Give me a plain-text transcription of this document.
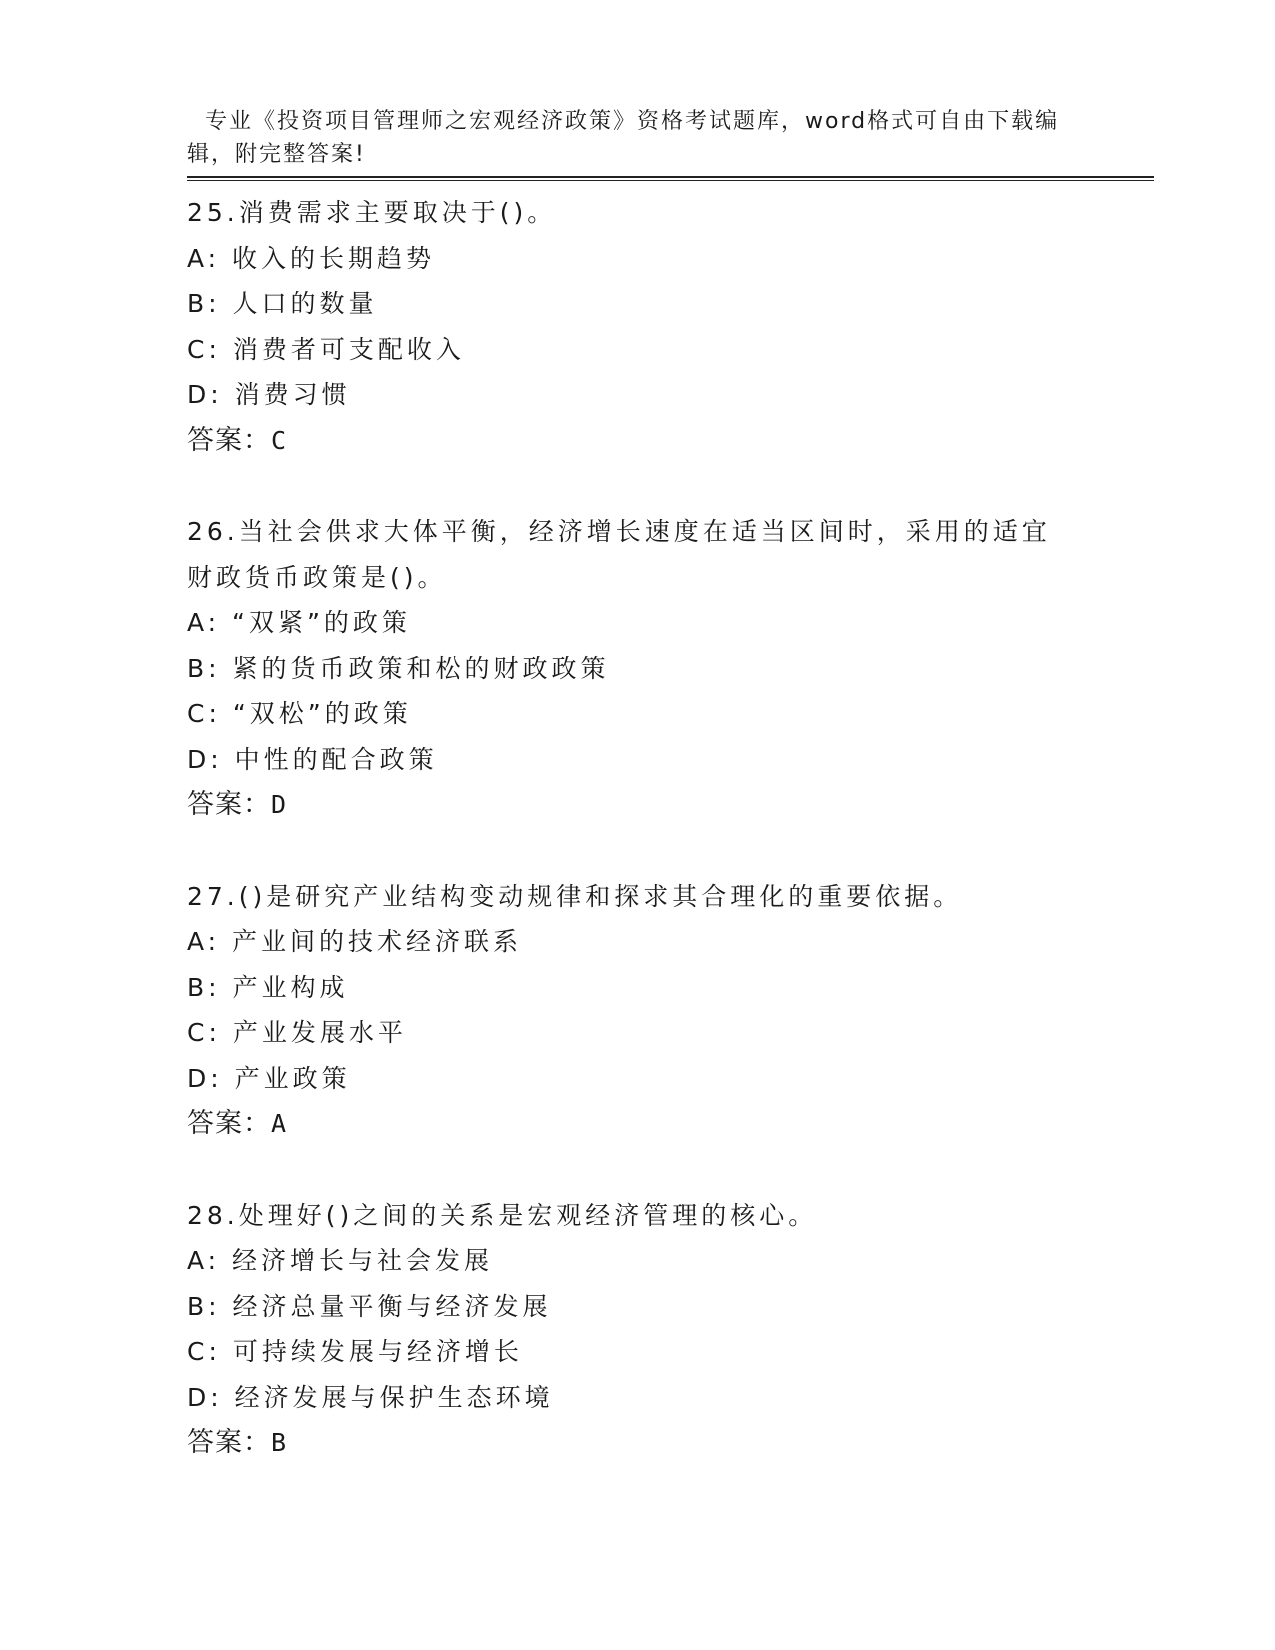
专业《投资项目管理师之宏观经济政策》资格考试题库，word格式可自由下载编辑，附完整答案!

25.消费需求主要取决于()。
A: 收入的长期趋势
B: 人口的数量
C: 消费者可支配收入
D: 消费习惯
答案：C
26.当社会供求大体平衡，经济增长速度在适当区间时，采用的适宜财政货币政策是()。
A: “双紧”的政策
B: 紧的货币政策和松的财政政策
C: “双松”的政策
D: 中性的配合政策
答案：D
27.()是研究产业结构变动规律和探求其合理化的重要依据。
A: 产业间的技术经济联系
B: 产业构成
C: 产业发展水平
D: 产业政策
答案：A
28.处理好()之间的关系是宏观经济管理的核心。
A: 经济增长与社会发展
B: 经济总量平衡与经济发展
C: 可持续发展与经济增长
D: 经济发展与保护生态环境
答案：B
